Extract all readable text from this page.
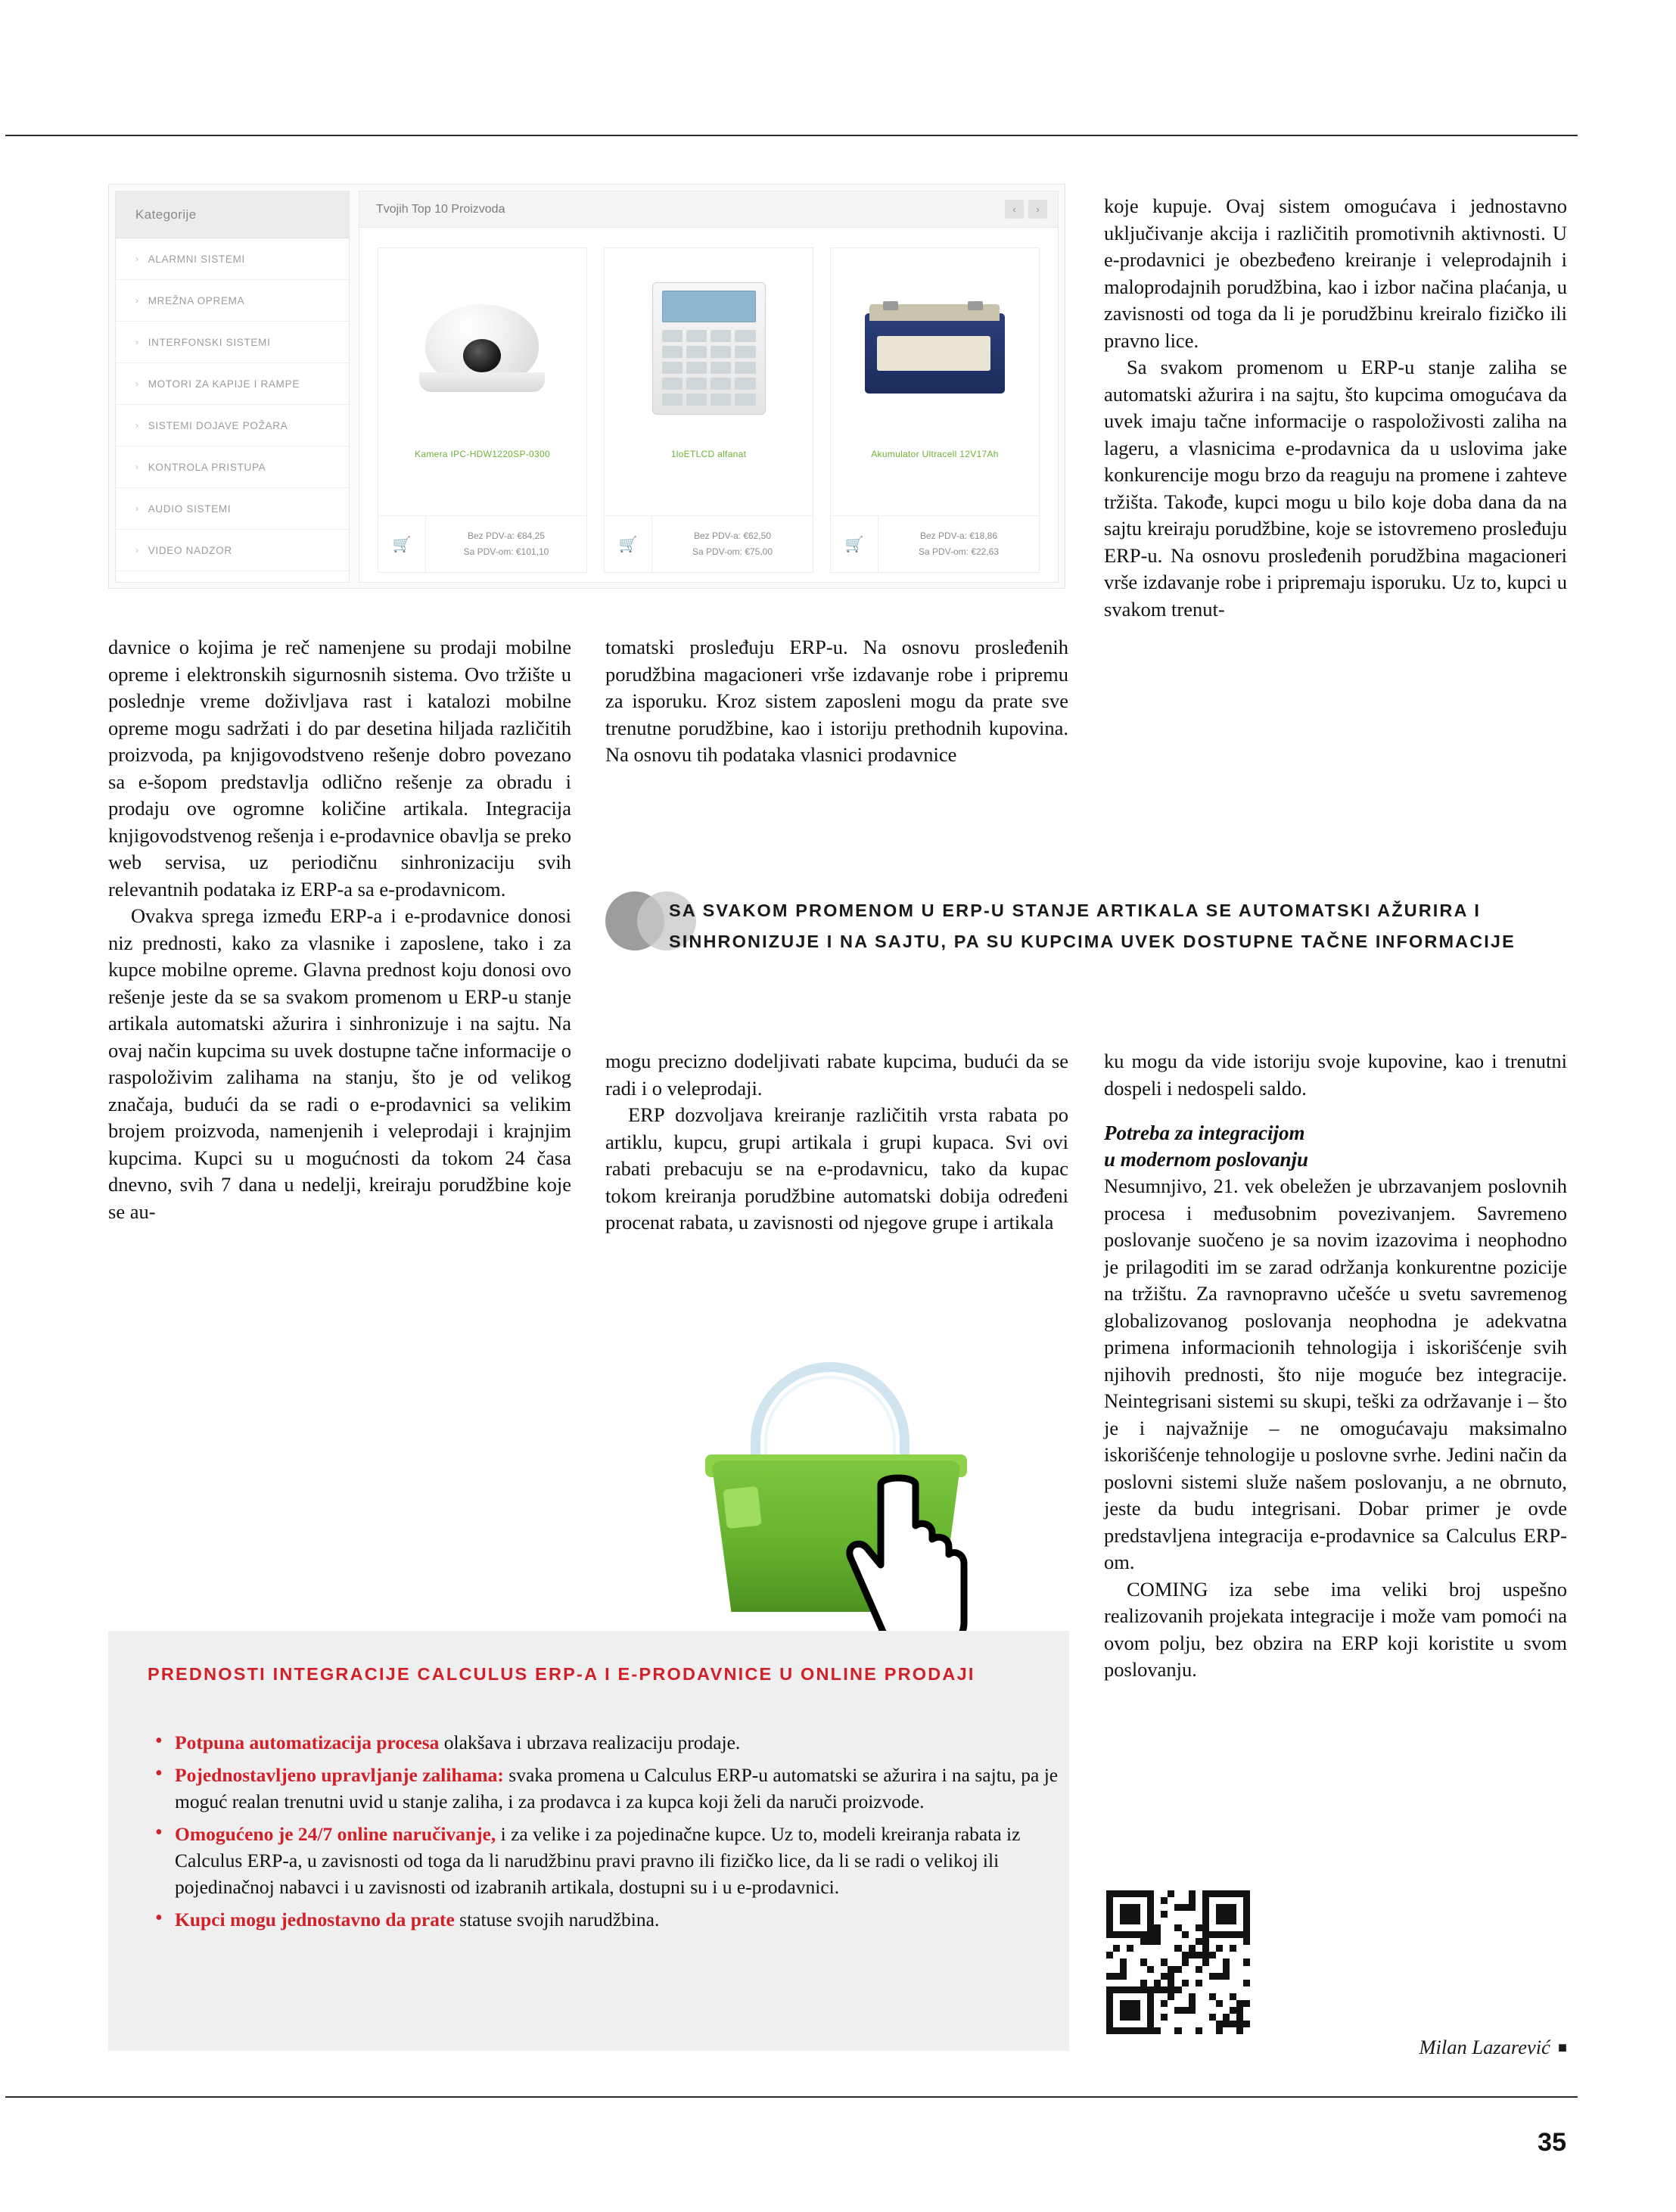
Kategorije
› ALARMNI SISTEMI
› MREŽNA OPREMA
› INTERFONSKI SISTEMI
› MOTORI ZA KAPIJE I RAMPE
› SISTEMI DOJAVE POŽARA
› KONTROLA PRISTUPA
› AUDIO SISTEMI
› VIDEO NADZOR
Tvojih Top 10 Proizvoda	‹	›
Kamera IPC-HDW1220SP-0300
🛒
Bez PDV-a: €84,25
Sa PDV-om: €101,10
1loETLCD alfanat
🛒
Bez PDV-a: €62,50
Sa PDV-om: €75,00
Akumulator Ultracell 12V17Ah
🛒
Bez PDV-a: €18,86
Sa PDV-om: €22,63

davnice o kojima je reč namenjene su prodaji mobilne opreme i elektronskih sigurnosnih sistema. Ovo tržište u poslednje vreme doživljava rast i katalozi mobilne opreme mogu sadržati i do par desetina hiljada različitih proizvoda, pa knjigovodstveno rešenje dobro povezano sa e-šopom predstavlja odlično rešenje za obradu i prodaju ove ogromne količine artikala. Integracija knjigovodstvenog rešenja i e-prodavnice obavlja se preko web servisa, uz periodičnu sinhronizaciju svih relevantnih podataka iz ERP-a sa e-prodavnicom.

Ovakva sprega između ERP-a i e-prodavnice donosi niz prednosti, kako za vlasnike i zaposlene, tako i za kupce mobilne opreme. Glavna prednost koju donosi ovo rešenje jeste da se sa svakom promenom u ERP-u stanje artikala automatski ažurira i sinhronizuje i na sajtu. Na ovaj način kupcima su uvek dostupne tačne informacije o raspoloživim zalihama na stanju, što je od velikog značaja, budući da se radi o e-prodavnici sa velikim brojem proizvoda, namenjenih i veleprodaji i krajnjim kupcima. Kupci su u mogućnosti da tokom 24 časa dnevno, svih 7 dana u nedelji, kreiraju porudžbine koje se au-

tomatski prosleđuju ERP-u. Na osnovu prosleđenih porudžbina magacioneri vrše izdavanje robe i pripremu za isporuku. Kroz sistem zaposleni mogu da prate sve trenutne porudžbine, kao i istoriju prethodnih kupovina. Na osnovu tih podataka vlasnici prodavnice

koje kupuje. Ovaj sistem omogućava i jednostavno uključivanje akcija i različitih promotivnih aktivnosti. U e-prodavnici je obezbeđeno kreiranje i veleprodajnih i maloprodajnih porudžbina, kao i izbor načina plaćanja, u zavisnosti od toga da li je porudžbinu kreiralo fizičko ili pravno lice.

Sa svakom promenom u ERP-u stanje zaliha se automatski ažurira i na sajtu, što kupcima omogućava da uvek imaju tačne informacije o raspoloživosti zaliha na lageru, a vlasnicima e-prodavnica da u uslovima jake konkurencije mogu brzo da reaguju na promene i zahteve tržišta. Takođe, kupci mogu u bilo koje doba dana da na sajtu kreiraju porudžbine, koje se istovremeno prosleđuju ERP-u. Na osnovu prosleđenih porudžbina magacioneri vrše izdavanje robe i pripremaju isporuku. Uz to, kupci u svakom trenut-

SA SVAKOM PROMENOM U ERP-U STANJE ARTIKALA SE AUTOMATSKI AŽURIRA I SINHRONIZUJE I NA SAJTU, PA SU KUPCIMA UVEK DOSTUPNE TAČNE INFORMACIJE

mogu precizno dodeljivati rabate kupcima, budući da se radi i o veleprodaji.

ERP dozvoljava kreiranje različitih vrsta rabata po artiklu, kupcu, grupi artikala i grupi kupaca. Svi ovi rabati prebacuju se na e-prodavnicu, tako da kupac tokom kreiranja porudžbine automatski dobija određeni procenat rabata, u zavisnosti od njegove grupe i artikala

ku mogu da vide istoriju svoje kupovine, kao i trenutni dospeli i nedospeli saldo.

Potreba za integracijom

u modernom poslovanju

Nesumnjivo, 21. vek obeležen je ubrzavanjem poslovnih procesa i međusobnim povezivanjem. Savremeno poslovanje suočeno je sa novim izazovima i neophodno je prilagoditi im se zarad održanja konkurentne pozicije na tržištu. Za ravnopravno učešće u svetu savremenog globalizovanog poslovanja neophodna je adekvatna primena informacionih tehnologija i iskorišćenje svih njihovih prednosti, što nije moguće bez integracije. Neintegrisani sistemi su skupi, teški za održavanje i – što je i najvažnije – ne omogućavaju maksimalno iskorišćenje tehnologije u poslovne svrhe. Jedini način da poslovni sistemi služe našem poslovanju, a ne obrnuto, jeste da budu integrisani. Dobar primer je ovde predstavljena integracija e-prodavnice sa Calculus ERP-om.

COMING iza sebe ima veliki broj uspešno realizovanih projekata integracije i može vam pomoći na ovom polju, bez obzira na ERP koji koristite u svom poslovanju.

PREDNOSTI INTEGRACIJE CALCULUS ERP-A I E-PRODAVNICE U ONLINE PRODAJI
• Potpuna automatizacija procesa olakšava i ubrzava realizaciju prodaje.
• Pojednostavljeno upravljanje zalihama: svaka promena u Calculus ERP-u automatski se ažurira i na sajtu, pa je moguć realan trenutni uvid u stanje zaliha, i za prodavca i za kupca koji želi da naruči proizvode.
• Omogućeno je 24/7 online naručivanje, i za velike i za pojedinačne kupce. Uz to, modeli kreiranja rabata iz Calculus ERP-a, u zavisnosti od toga da li narudžbinu pravi pravno ili fizičko lice, da li se radi o velikoj ili pojedinačnoj nabavci i u zavisnosti od izabranih artikala, dostupni su i u e-prodavnici.
• Kupci mogu jednostavno da prate statuse svojih narudžbina.
Milan Lazarević ■
35
